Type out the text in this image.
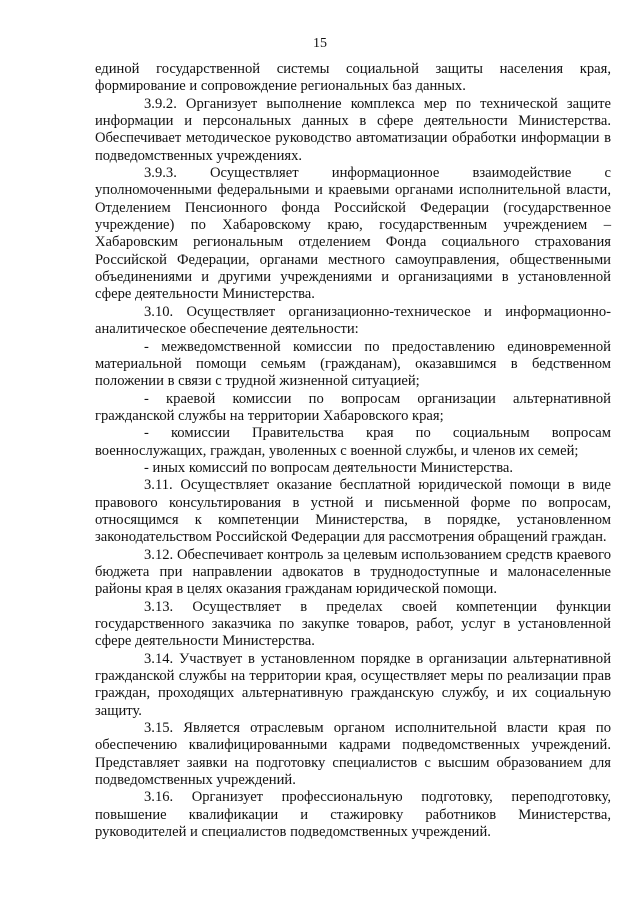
15

единой государственной системы социальной защиты населения края, формирование и сопровождение региональных баз данных.

3.9.2. Организует выполнение комплекса мер по технической защите информации и персональных данных в сфере деятельности Министерства. Обеспечивает методическое руководство автоматизации обработки информации в подведомственных учреждениях.

3.9.3. Осуществляет информационное взаимодействие с уполномоченными федеральными и краевыми органами исполнительной власти, Отделением Пенсионного фонда Российской Федерации (государственное учреждение) по Хабаровскому краю, государственным учреждением – Хабаровским региональным отделением Фонда социального страхования Российской Федерации, органами местного самоуправления, общественными объединениями и другими учреждениями и организациями в установленной сфере деятельности Министерства.

3.10. Осуществляет организационно-техническое и информационно-аналитическое обеспечение деятельности:

- межведомственной комиссии по предоставлению единовременной материальной помощи семьям (гражданам), оказавшимся в бедственном положении в связи с трудной жизненной ситуацией;

- краевой комиссии по вопросам организации альтернативной гражданской службы на территории Хабаровского края;

- комиссии Правительства края по социальным вопросам военнослужащих, граждан, уволенных с военной службы, и членов их семей;

- иных комиссий по вопросам деятельности Министерства.

3.11. Осуществляет оказание бесплатной юридической помощи в виде правового консультирования в устной и письменной форме по вопросам, относящимся к компетенции Министерства, в порядке, установленном законодательством Российской Федерации для рассмотрения обращений граждан.

3.12. Обеспечивает контроль за целевым использованием средств краевого бюджета при направлении адвокатов в труднодоступные и малонаселенные районы края в целях оказания гражданам юридической помощи.

3.13. Осуществляет в пределах своей компетенции функции государственного заказчика по закупке товаров, работ, услуг в установленной сфере деятельности Министерства.

3.14. Участвует в установленном порядке в организации альтернативной гражданской службы на территории края, осуществляет меры по реализации прав граждан, проходящих альтернативную гражданскую службу, и их социальную защиту.

3.15. Является отраслевым органом исполнительной власти края по обеспечению квалифицированными кадрами подведомственных учреждений. Представляет заявки на подготовку специалистов с высшим образованием для подведомственных учреждений.

3.16. Организует профессиональную подготовку, переподготовку, повышение квалификации и стажировку работников Министерства, руководителей и специалистов подведомственных учреждений.
